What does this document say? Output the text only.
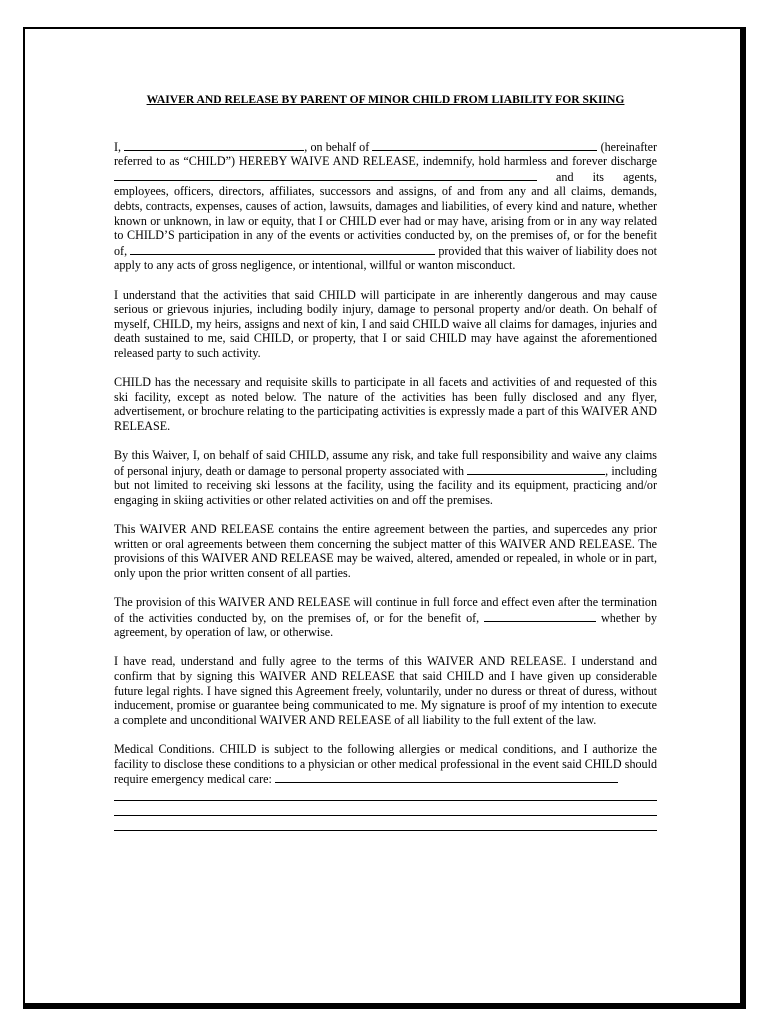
WAIVER AND RELEASE BY PARENT OF MINOR CHILD FROM LIABILITY FOR SKIING

I,	, on behalf of	(hereinafter referred to as “CHILD”) HEREBY WAIVE AND RELEASE, indemnify, hold harmless and forever discharge  and its agents, employees, officers, directors, affiliates, successors and assigns, of and from any and all claims, demands, debts, contracts, expenses, causes of action, lawsuits, damages and liabilities, of every kind and nature, whether known or unknown, in law or equity, that I or CHILD ever had or may have, arising from or in any way related to CHILD’S participation in any of the events or activities conducted by, on the premises of, or for the benefit of,	provided that this waiver of liability does not apply to any acts of gross negligence, or intentional, willful or wanton misconduct.

I understand that the activities that said CHILD will participate in are inherently dangerous and may cause serious or grievous injuries, including bodily injury, damage to personal property and/or death. On behalf of myself, CHILD, my heirs, assigns and next of kin, I and said CHILD waive all claims for damages, injuries and death sustained to me, said CHILD, or property, that I or said CHILD may have against the aforementioned released party to such activity.

CHILD has the necessary and requisite skills to participate in all facets and activities of and requested of this ski facility, except as noted below. The nature of the activities has been fully disclosed and any flyer, advertisement, or brochure relating to the participating activities is expressly made a part of this WAIVER AND RELEASE.

By this Waiver, I, on behalf of said CHILD, assume any risk, and take full responsibility and waive any claims of personal injury, death or damage to personal property associated with	, including but not limited to receiving ski lessons at the facility, using the facility and its equipment, practicing and/or engaging in skiing activities or other related activities on and off the premises.

This WAIVER AND RELEASE contains the entire agreement between the parties, and supercedes any prior written or oral agreements between them concerning the subject matter of this WAIVER AND RELEASE. The provisions of this WAIVER AND RELEASE may be waived, altered, amended or repealed, in whole or in part, only upon the prior written consent of all parties.

The provision of this WAIVER AND RELEASE will continue in full force and effect even after the termination of the activities conducted by, on the premises of, or for the benefit of,	whether by agreement, by operation of law, or otherwise.

I have read, understand and fully agree to the terms of this WAIVER AND RELEASE. I understand and confirm that by signing this WAIVER AND RELEASE that said CHILD and I have given up considerable future legal rights. I have signed this Agreement freely, voluntarily, under no duress or threat of duress, without inducement, promise or guarantee being communicated to me. My signature is proof of my intention to execute a complete and unconditional WAIVER AND RELEASE of all liability to the full extent of the law.

Medical Conditions. CHILD is subject to the following allergies or medical conditions, and I authorize the facility to disclose these conditions to a physician or other medical professional in the event said CHILD should require emergency medical care:
